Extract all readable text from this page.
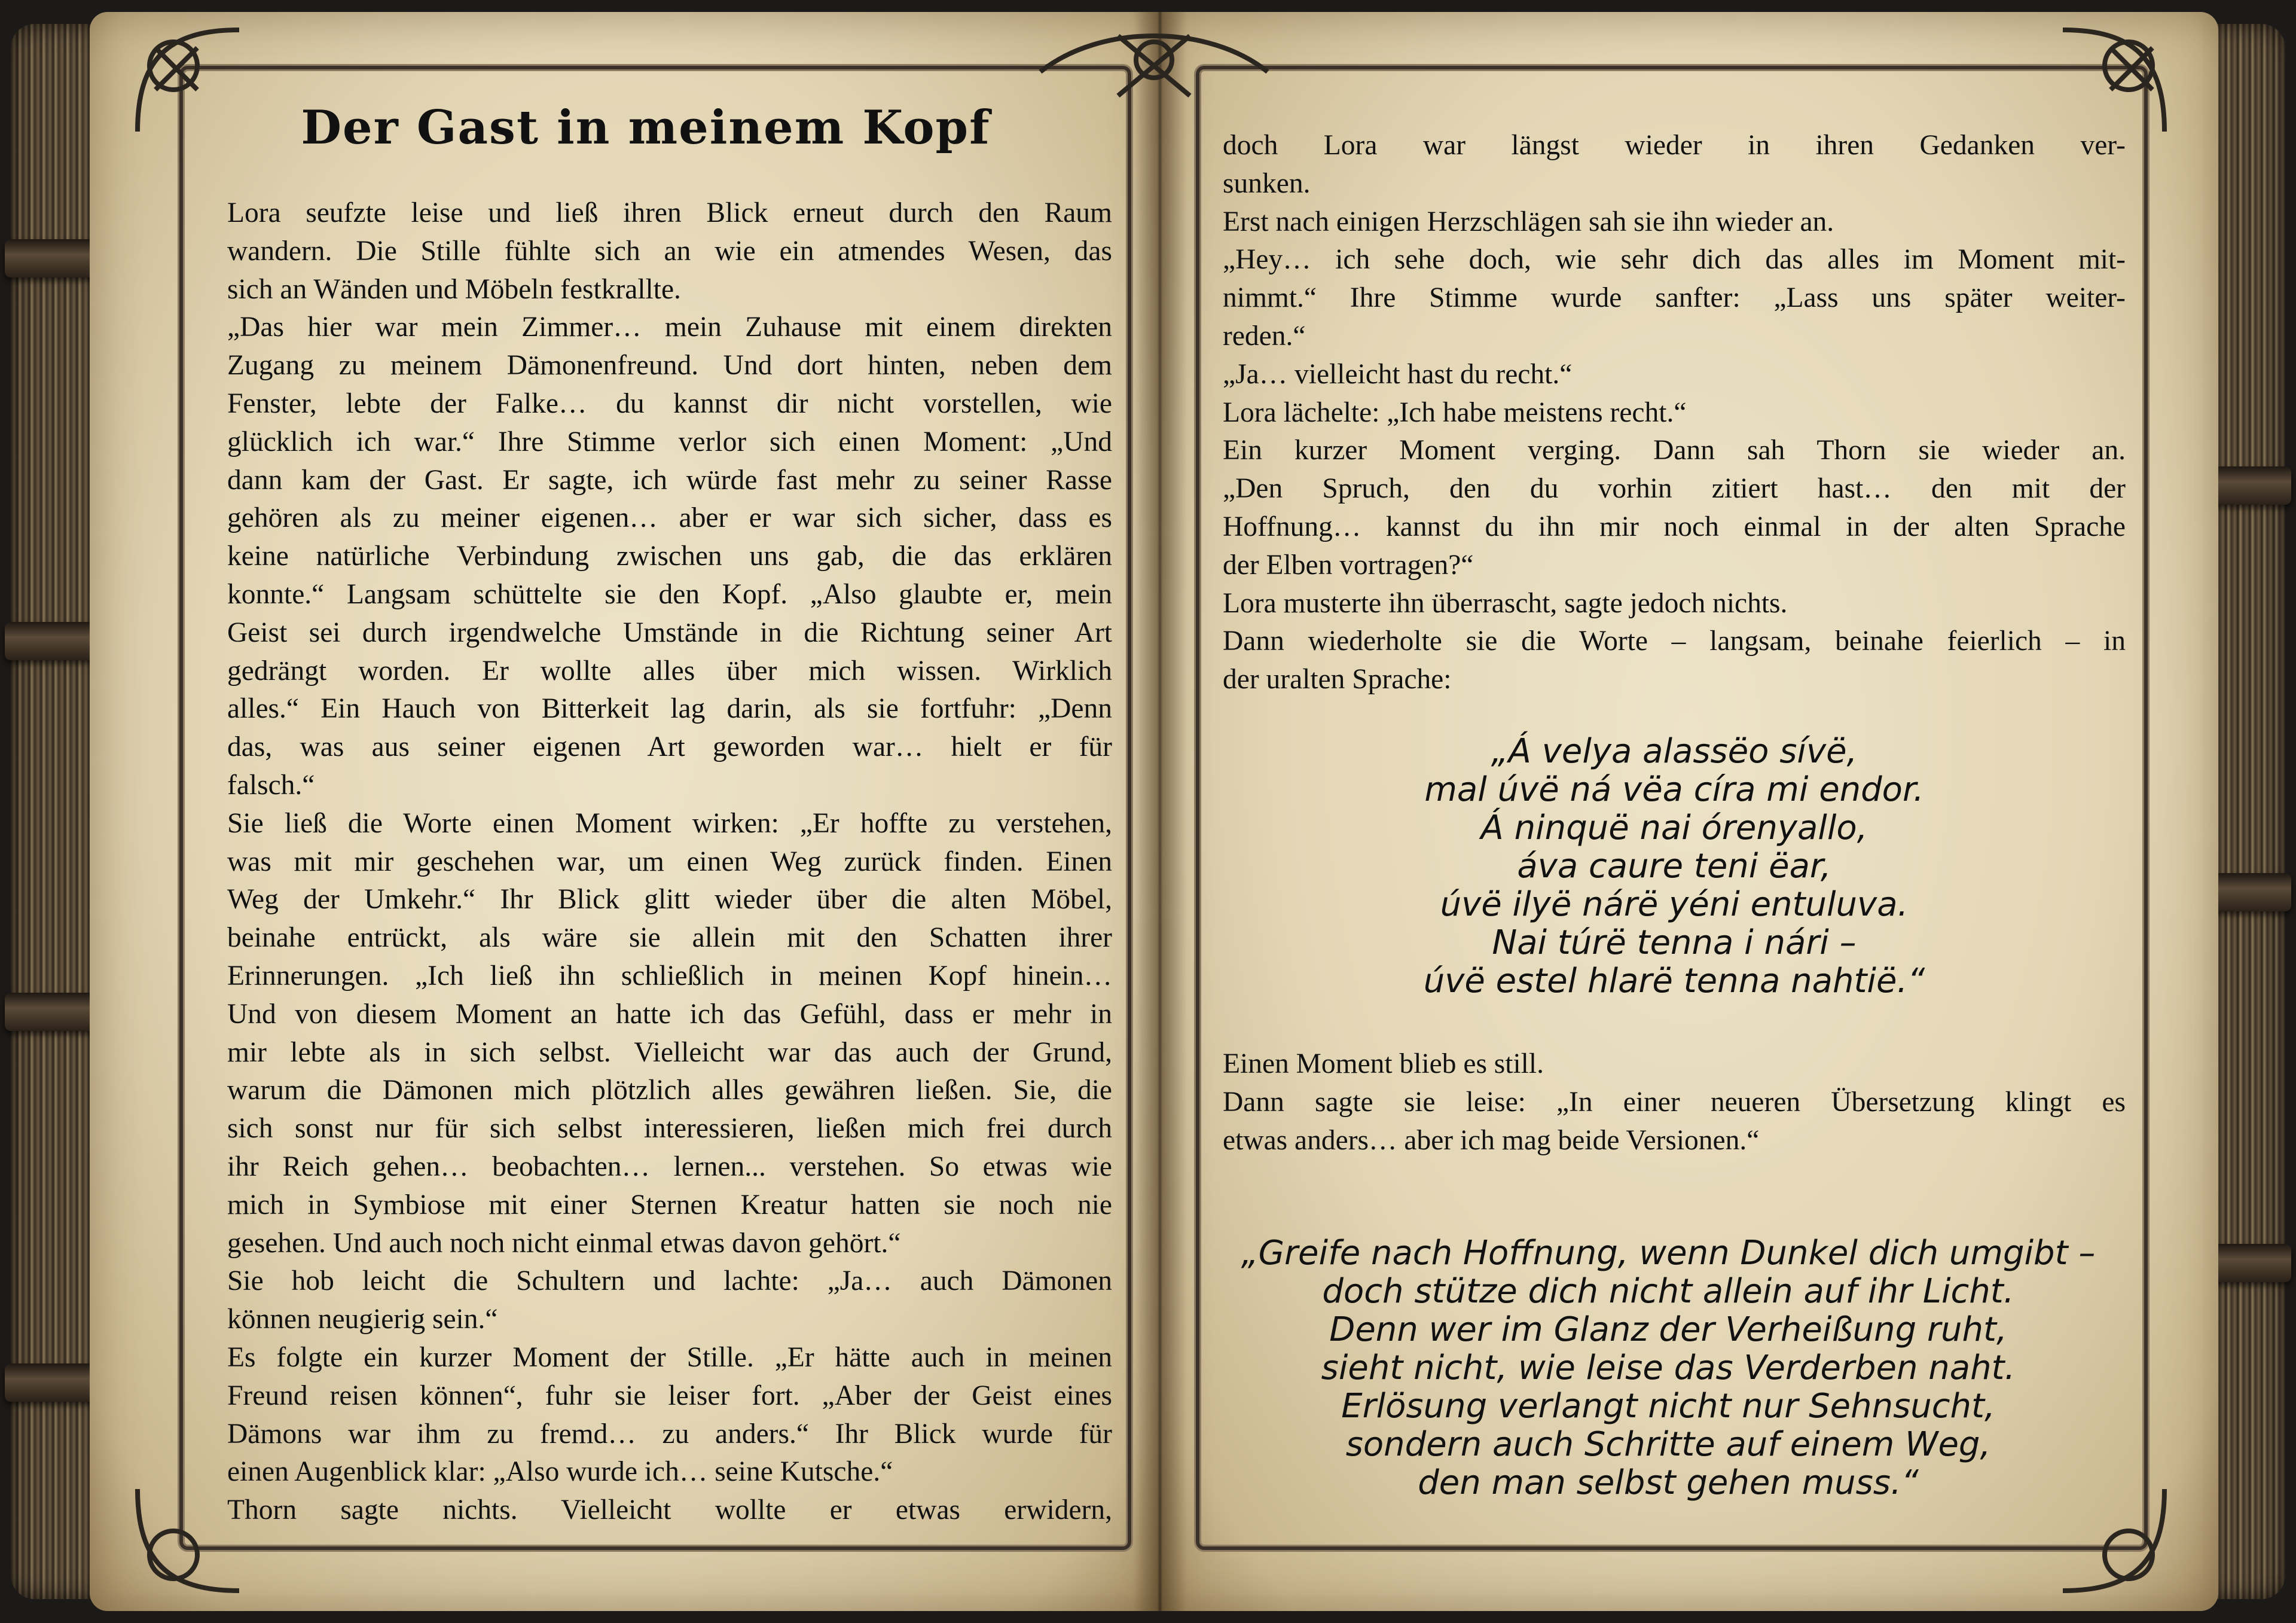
Der Gast in meinem Kopf

Lora seufzte leise und ließ ihren Blick erneut durch den Raum

wandern. Die Stille fühlte sich an wie ein atmendes Wesen, das

sich an Wänden und Möbeln festkrallte.

„Das hier war mein Zimmer… mein Zuhause mit einem direkten

Zugang zu meinem Dämonenfreund. Und dort hinten, neben dem

Fenster, lebte der Falke… du kannst dir nicht vorstellen, wie

glücklich ich war.“ Ihre Stimme verlor sich einen Moment: „Und

dann kam der Gast. Er sagte, ich würde fast mehr zu seiner Rasse

gehören als zu meiner eigenen… aber er war sich sicher, dass es

keine natürliche Verbindung zwischen uns gab, die das erklären

konnte.“ Langsam schüttelte sie den Kopf. „Also glaubte er, mein

Geist sei durch irgendwelche Umstände in die Richtung seiner Art

gedrängt worden. Er wollte alles über mich wissen. Wirklich

alles.“ Ein Hauch von Bitterkeit lag darin, als sie fortfuhr: „Denn

das, was aus seiner eigenen Art geworden war… hielt er für

falsch.“

Sie ließ die Worte einen Moment wirken: „Er hoffte zu verstehen,

was mit mir geschehen war, um einen Weg zurück finden. Einen

Weg der Umkehr.“ Ihr Blick glitt wieder über die alten Möbel,

beinahe entrückt, als wäre sie allein mit den Schatten ihrer

Erinnerungen. „Ich ließ ihn schließlich in meinen Kopf hinein…

Und von diesem Moment an hatte ich das Gefühl, dass er mehr in

mir lebte als in sich selbst. Vielleicht war das auch der Grund,

warum die Dämonen mich plötzlich alles gewähren ließen. Sie, die

sich sonst nur für sich selbst interessieren, ließen mich frei durch

ihr Reich gehen… beobachten… lernen... verstehen. So etwas wie

mich in Symbiose mit einer Sternen Kreatur hatten sie noch nie

gesehen. Und auch noch nicht einmal etwas davon gehört.“

Sie hob leicht die Schultern und lachte: „Ja… auch Dämonen

können neugierig sein.“

Es folgte ein kurzer Moment der Stille. „Er hätte auch in meinen

Freund reisen können“, fuhr sie leiser fort. „Aber der Geist eines

Dämons war ihm zu fremd… zu anders.“ Ihr Blick wurde für

einen Augenblick klar: „Also wurde ich… seine Kutsche.“

Thorn sagte nichts. Vielleicht wollte er etwas erwidern,

doch Lora war längst wieder in ihren Gedanken ver-

sunken.

Erst nach einigen Herzschlägen sah sie ihn wieder an.

„Hey… ich sehe doch, wie sehr dich das alles im Moment mit-

nimmt.“ Ihre Stimme wurde sanfter: „Lass uns später weiter-

reden.“

„Ja… vielleicht hast du recht.“

Lora lächelte: „Ich habe meistens recht.“

Ein kurzer Moment verging. Dann sah Thorn sie wieder an.

„Den Spruch, den du vorhin zitiert hast… den mit der

Hoffnung… kannst du ihn mir noch einmal in der alten Sprache

der Elben vortragen?“

Lora musterte ihn überrascht, sagte jedoch nichts.

Dann wiederholte sie die Worte – langsam, beinahe feierlich – in

der uralten Sprache:

„Á velya alassëo sívë,
mal úvë ná vëa círa mi endor.
Á ninquë nai órenyallo,
áva caure teni ëar,
úvë ilyë nárë yéni entuluva.
Nai túrë tenna i nári –
úvë estel hlarë tenna nahtië.“

Einen Moment blieb es still.

Dann sagte sie leise: „In einer neueren Übersetzung klingt es

etwas anders… aber ich mag beide Versionen.“

„Greife nach Hoffnung, wenn Dunkel dich umgibt –
doch stütze dich nicht allein auf ihr Licht.
Denn wer im Glanz der Verheißung ruht,
sieht nicht, wie leise das Verderben naht.
Erlösung verlangt nicht nur Sehnsucht,
sondern auch Schritte auf einem Weg,
den man selbst gehen muss.“
